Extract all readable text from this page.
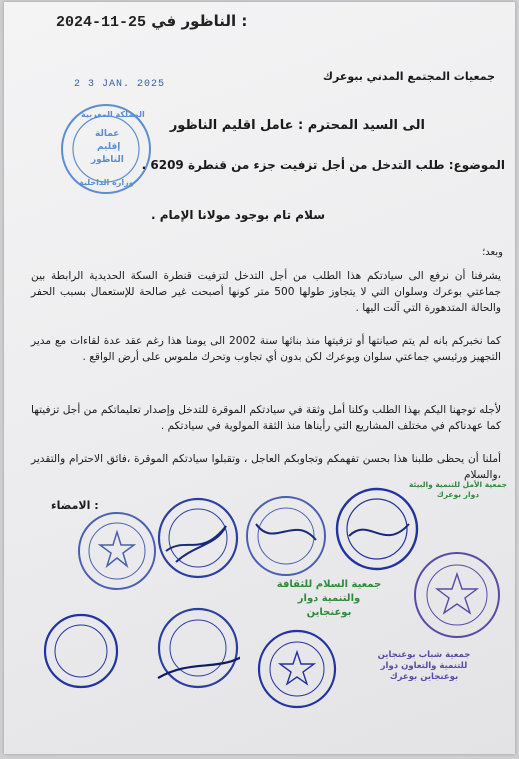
2024-11-25 : الناظور في
جمعيات المجتمع المدني ببوعرك
2 3 JAN. 2025
المملكة المغربية
عمالة
إقليم
الناظور
وزارة الداخلية
الى السيد المحترم : عامل اقليم الناظور
الموضوع: طلب التدخل من أجل تزفيت جزء من قنطرة 6209 .
سلام تام بوجود مولانا الإمام .
وبعد؛
يشرفنا أن نرفع الى سيادتكم هذا الطلب من أجل التدخل لتزفيت قنطرة السكة الحديدية الرابطة بين جماعتي بوعرك وسلوان التي لا يتجاوز طولها 500 متر كونها أصبحت غير صالحة للإستعمال بسبب الحفر والحالة المتدهورة التي آلت اليها .
كما نخبركم بانه لم يتم صيانتها أو تزفيتها منذ بنائها سنة 2002 الى يومنا هذا رغم عقد عدة لقاءات مع مدير التجهيز ورئيسي جماعتي سلوان وبوعرك لكن بدون أي تجاوب وتحرك ملموس على أرض الواقع .
لأجله توجهنا اليكم بهذا الطلب وكلنا أمل وثقة في سيادتكم الموقرة للتدخل وإصدار تعليماتكم من أجل تزفيتها كما عهدناكم في مختلف المشاريع التي رأيناها منذ الثقة المولوية في سيادتكم .
أملنا أن يحظى طلبنا هذا بحسن تفهمكم وتجاوبكم العاجل ، وتقبلوا سيادتكم الموقرة ،فائق الاحترام والتقدير ،والسلام
: الامضاء
جمعية الأمل للتنمية والبيئة دوار بوعرك
جمعية السلام للثقافة والتنمية دوار بوعنجاين
جمعية شباب بوعنجاين للتنمية والتعاون دوار بوعنجاين بوعرك
